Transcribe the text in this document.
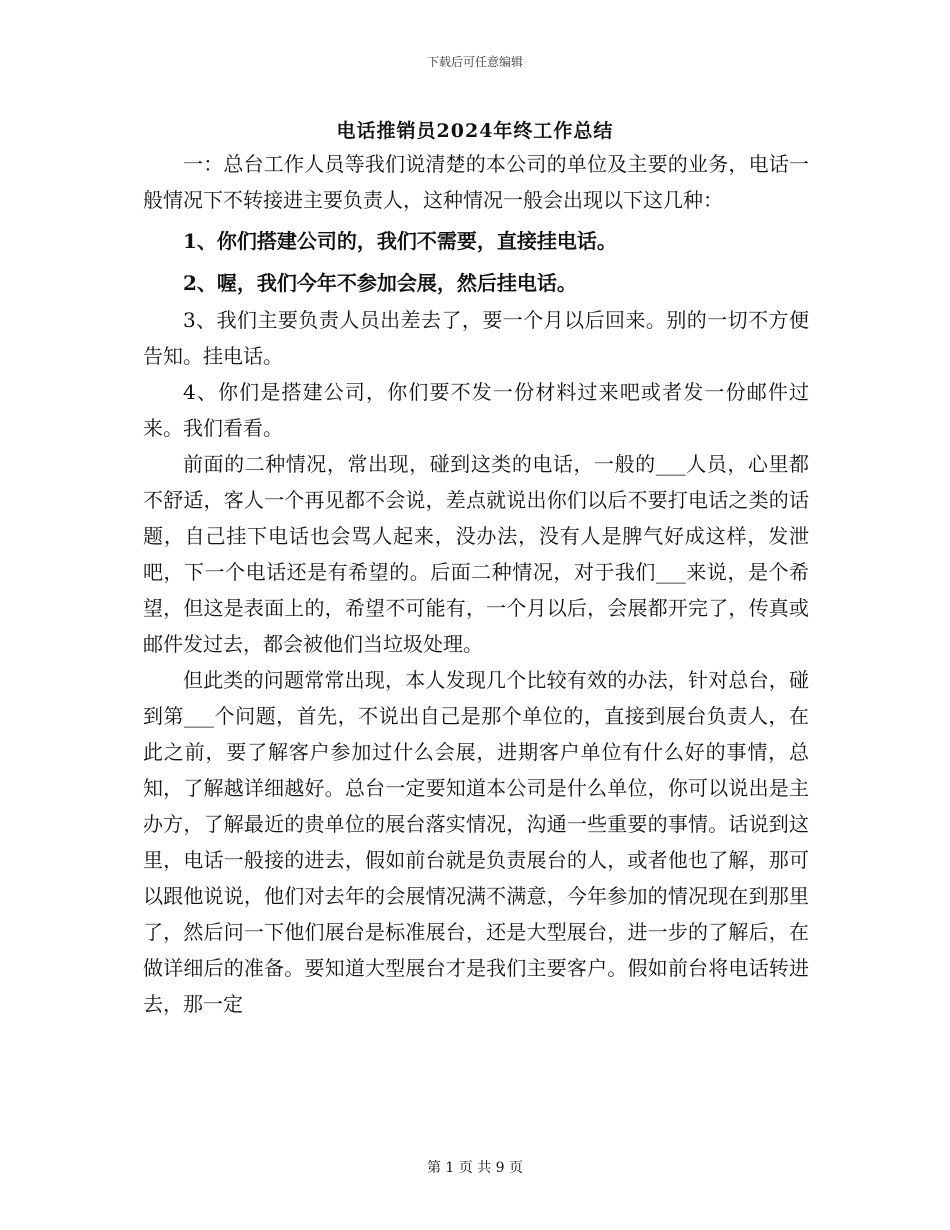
下载后可任意编辑
电话推销员2024年终工作总结

一：总台工作人员等我们说清楚的本公司的单位及主要的业务，电话一般情况下不转接进主要负责人，这种情况一般会出现以下这几种：

1、你们搭建公司的，我们不需要，直接挂电话。

2、喔，我们今年不参加会展，然后挂电话。

3、我们主要负责人员出差去了，要一个月以后回来。别的一切不方便告知。挂电话。

4、你们是搭建公司，你们要不发一份材料过来吧或者发一份邮件过来。我们看看。

前面的二种情况，常出现，碰到这类的电话，一般的___人员，心里都不舒适，客人一个再见都不会说，差点就说出你们以后不要打电话之类的话题，自己挂下电话也会骂人起来，没办法，没有人是脾气好成这样，发泄吧，下一个电话还是有希望的。后面二种情况，对于我们___来说，是个希望，但这是表面上的，希望不可能有，一个月以后，会展都开完了，传真或邮件发过去，都会被他们当垃圾处理。

但此类的问题常常出现，本人发现几个比较有效的办法，针对总台，碰到第___个问题，首先，不说出自己是那个单位的，直接到展台负责人，在此之前，要了解客户参加过什么会展，进期客户单位有什么好的事情，总知，了解越详细越好。总台一定要知道本公司是什么单位，你可以说出是主办方，了解最近的贵单位的展台落实情况，沟通一些重要的事情。话说到这里，电话一般接的进去，假如前台就是负责展台的人，或者他也了解，那可以跟他说说，他们对去年的会展情况满不满意，今年参加的情况现在到那里了，然后问一下他们展台是标准展台，还是大型展台，进一步的了解后，在做详细后的准备。要知道大型展台才是我们主要客户。假如前台将电话转进去，那一定

第 1 页 共 9 页
